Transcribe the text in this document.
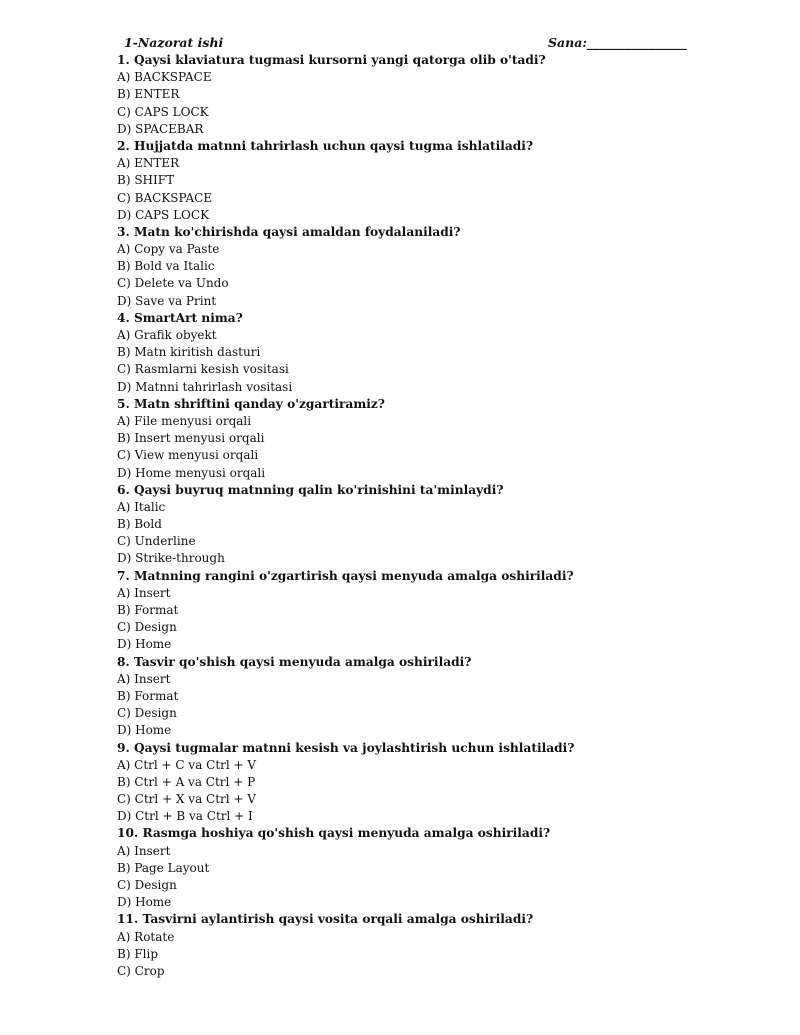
1-Nazorat ishi	Sana:________________
1. Qaysi klaviatura tugmasi kursorni yangi qatorga olib o'tadi?
A) BACKSPACE
B) ENTER
C) CAPS LOCK
D) SPACEBAR
2. Hujjatda matnni tahrirlash uchun qaysi tugma ishlatiladi?
A) ENTER
B) SHIFT
C) BACKSPACE
D) CAPS LOCK
3. Matn ko'chirishda qaysi amaldan foydalaniladi?
A) Copy va Paste
B) Bold va Italic
C) Delete va Undo
D) Save va Print
4. SmartArt nima?
A) Grafik obyekt
B) Matn kiritish dasturi
C) Rasmlarni kesish vositasi
D) Matnni tahrirlash vositasi
5. Matn shriftini qanday o'zgartiramiz?
A) File menyusi orqali
B) Insert menyusi orqali
C) View menyusi orqali
D) Home menyusi orqali
6. Qaysi buyruq matnning qalin ko'rinishini ta'minlaydi?
A) Italic
B) Bold
C) Underline
D) Strike-through
7. Matnning rangini o'zgartirish qaysi menyuda amalga oshiriladi?
A) Insert
B) Format
C) Design
D) Home
8. Tasvir qo'shish qaysi menyuda amalga oshiriladi?
A) Insert
B) Format
C) Design
D) Home
9. Qaysi tugmalar matnni kesish va joylashtirish uchun ishlatiladi?
A) Ctrl + C va Ctrl + V
B) Ctrl + A va Ctrl + P
C) Ctrl + X va Ctrl + V
D) Ctrl + B va Ctrl + I
10. Rasmga hoshiya qo'shish qaysi menyuda amalga oshiriladi?
A) Insert
B) Page Layout
C) Design
D) Home
11. Tasvirni aylantirish qaysi vosita orqali amalga oshiriladi?
A) Rotate
B) Flip
C) Crop
